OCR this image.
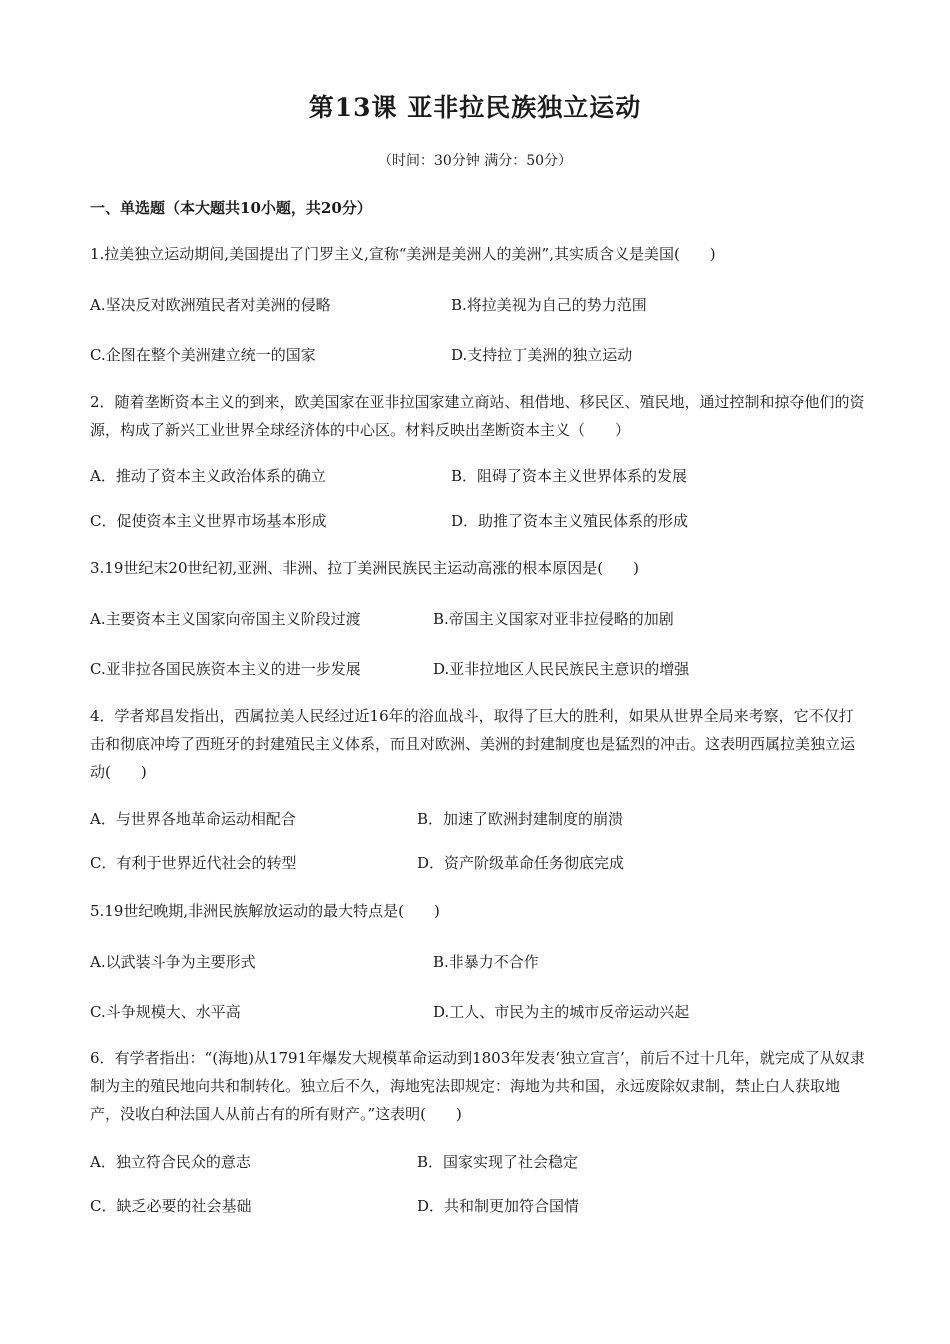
第13课 亚非拉民族独立运动
（时间：30分钟 满分：50分）
一、单选题（本大题共10小题，共20分）
1.拉美独立运动期间,美国提出了门罗主义,宣称“美洲是美洲人的美洲”,其实质含义是美国(　　)
A.坚决反对欧洲殖民者对美洲的侵略	B.将拉美视为自己的势力范围
C.企图在整个美洲建立统一的国家	D.支持拉丁美洲的独立运动
2．随着垄断资本主义的到来，欧美国家在亚非拉国家建立商站、租借地、移民区、殖民地，通过控制和掠夺他们的资源，构成了新兴工业世界全球经济体的中心区。材料反映出垄断资本主义（　　）
A．推动了资本主义政治体系的确立	B．阻碍了资本主义世界体系的发展
C．促使资本主义世界市场基本形成	D．助推了资本主义殖民体系的形成
3.19世纪末20世纪初,亚洲、非洲、拉丁美洲民族民主运动高涨的根本原因是(　　)
A.主要资本主义国家向帝国主义阶段过渡	B.帝国主义国家对亚非拉侵略的加剧
C.亚非拉各国民族资本主义的进一步发展	D.亚非拉地区人民民族民主意识的增强
4．学者郑昌发指出，西属拉美人民经过近16年的浴血战斗，取得了巨大的胜利，如果从世界全局来考察，它不仅打击和彻底冲垮了西班牙的封建殖民主义体系，而且对欧洲、美洲的封建制度也是猛烈的冲击。这表明西属拉美独立运动(　　)
A．与世界各地革命运动相配合	B．加速了欧洲封建制度的崩溃
C．有利于世界近代社会的转型	D．资产阶级革命任务彻底完成
5.19世纪晚期,非洲民族解放运动的最大特点是(　　)
A.以武装斗争为主要形式	B.非暴力不合作
C.斗争规模大、水平高	D.工人、市民为主的城市反帝运动兴起
6．有学者指出：“(海地)从1791年爆发大规模革命运动到1803年发表‘独立宣言’，前后不过十几年，就完成了从奴隶制为主的殖民地向共和制转化。独立后不久，海地宪法即规定：海地为共和国，永远废除奴隶制，禁止白人获取地产，没收白种法国人从前占有的所有财产。”这表明(　　)
A．独立符合民众的意志	B．国家实现了社会稳定
C．缺乏必要的社会基础	D．共和制更加符合国情
